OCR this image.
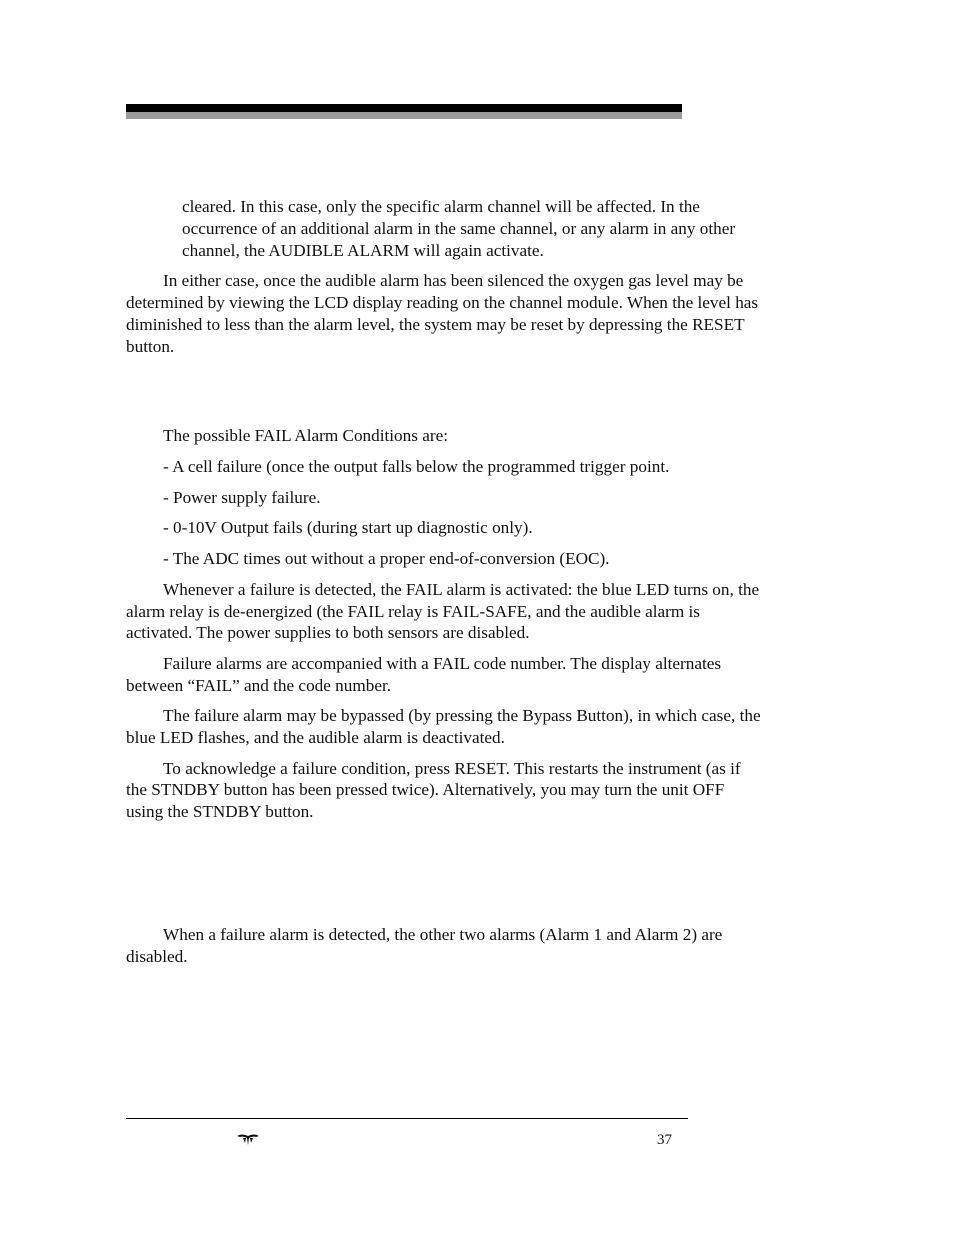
cleared. In this case, only the specific alarm channel will be affected. In the
occurrence of an additional alarm in the same channel, or any alarm in any other
channel, the AUDIBLE ALARM will again activate.
In either case, once the audible alarm has been silenced the oxygen gas level may be
determined by viewing the LCD display reading on the channel module. When the level has
diminished to less than the alarm level, the system may be reset by depressing the RESET
button.
The possible FAIL Alarm Conditions are:
- A cell failure (once the output falls below the programmed trigger point.
- Power supply failure.
- 0-10V Output fails (during start up diagnostic only).
- The ADC times out without a proper end-of-conversion (EOC).
Whenever a failure is detected, the FAIL alarm is activated: the blue LED turns on, the
alarm relay is de-energized (the FAIL relay is FAIL-SAFE, and the audible alarm is
activated. The power supplies to both sensors are disabled.
Failure alarms are accompanied with a FAIL code number. The display alternates
between “FAIL” and the code number.
The failure alarm may be bypassed (by pressing the Bypass Button), in which case, the
blue LED flashes, and the audible alarm is deactivated.
To acknowledge a failure condition, press RESET. This restarts the instrument (as if
the STNDBY button has been pressed twice). Alternatively, you may turn the unit OFF
using the STNDBY button.
When a failure alarm is detected, the other two alarms (Alarm 1 and Alarm 2) are
disabled.
37
